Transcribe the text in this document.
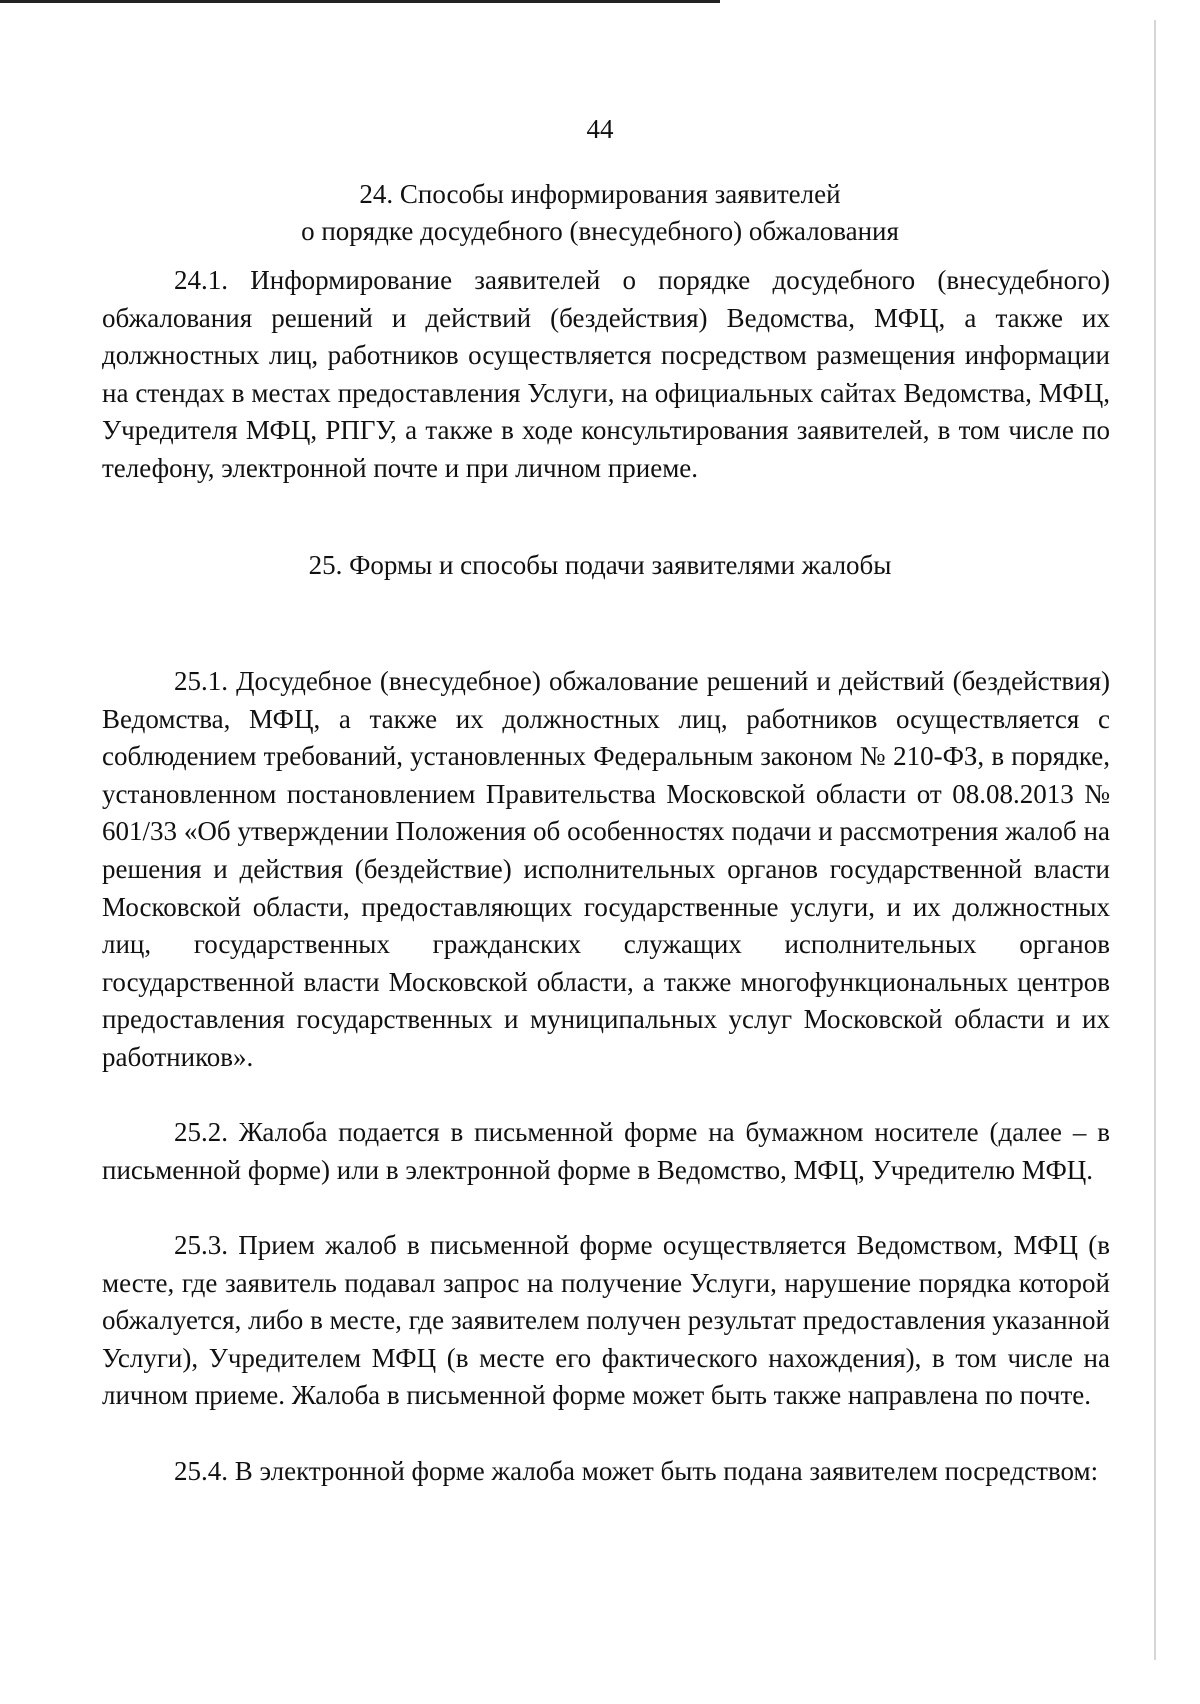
44
24. Способы информирования заявителей
о порядке досудебного (внесудебного) обжалования

24.1. Информирование заявителей о порядке досудебного (внесудебного) обжалования решений и действий (бездействия) Ведомства, МФЦ, а также их должностных лиц, работников осуществляется посредством размещения информации на стендах в местах предоставления Услуги, на официальных сайтах Ведомства, МФЦ, Учредителя МФЦ, РПГУ, а также в ходе консультирования заявителей, в том числе по телефону, электронной почте и при личном приеме.

25. Формы и способы подачи заявителями жалобы

25.1. Досудебное (внесудебное) обжалование решений и действий (бездействия) Ведомства, МФЦ, а также их должностных лиц, работников осуществляется с соблюдением требований, установленных Федеральным законом № 210-ФЗ, в порядке, установленном постановлением Правительства Московской области от 08.08.2013 № 601/33 «Об утверждении Положения об особенностях подачи и рассмотрения жалоб на решения и действия (бездействие) исполнительных органов государственной власти Московской области, предоставляющих государственные услуги, и их должностных лиц, государственных гражданских служащих исполнительных органов государственной власти Московской области, а также многофункциональных центров предоставления государственных и муниципальных услуг Московской области и их работников».

25.2. Жалоба подается в письменной форме на бумажном носителе (далее – в письменной форме) или в электронной форме в Ведомство, МФЦ, Учредителю МФЦ.

25.3. Прием жалоб в письменной форме осуществляется Ведомством, МФЦ (в месте, где заявитель подавал запрос на получение Услуги, нарушение порядка которой обжалуется, либо в месте, где заявителем получен результат предоставления указанной Услуги), Учредителем МФЦ (в месте его фактического нахождения), в том числе на личном приеме. Жалоба в письменной форме может быть также направлена по почте.

25.4. В электронной форме жалоба может быть подана заявителем посредством:
